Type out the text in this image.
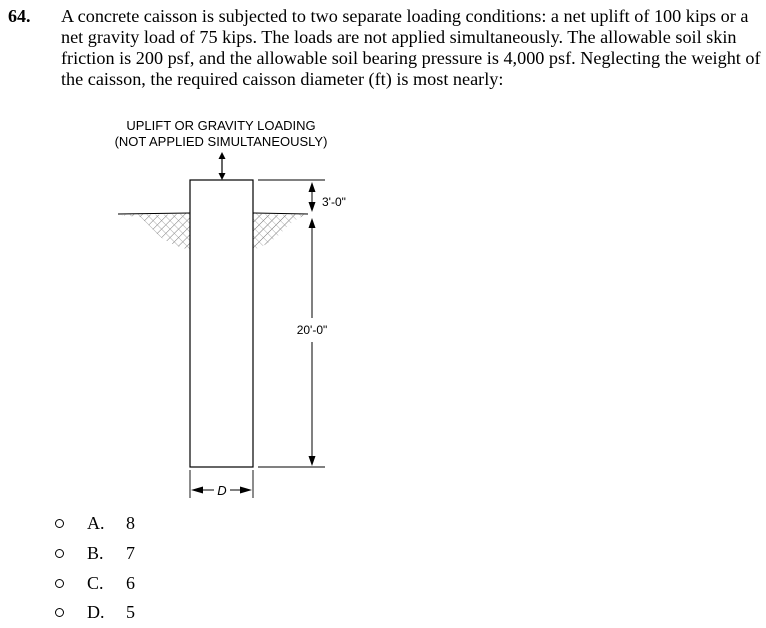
64. A concrete caisson is subjected to two separate loading conditions: a net uplift of 100 kips or a net gravity load of 75 kips. The loads are not applied simultaneously. The allowable soil skin friction is 200 psf, and the allowable soil bearing pressure is 4,000 psf. Neglecting the weight of the caisson, the required caisson diameter (ft) is most nearly:
UPLIFT OR GRAVITY LOADING
(NOT APPLIED SIMULTANEOUSLY)
3'-0"
20'-0"
D
A. 8
B. 7
C. 6
D. 5
